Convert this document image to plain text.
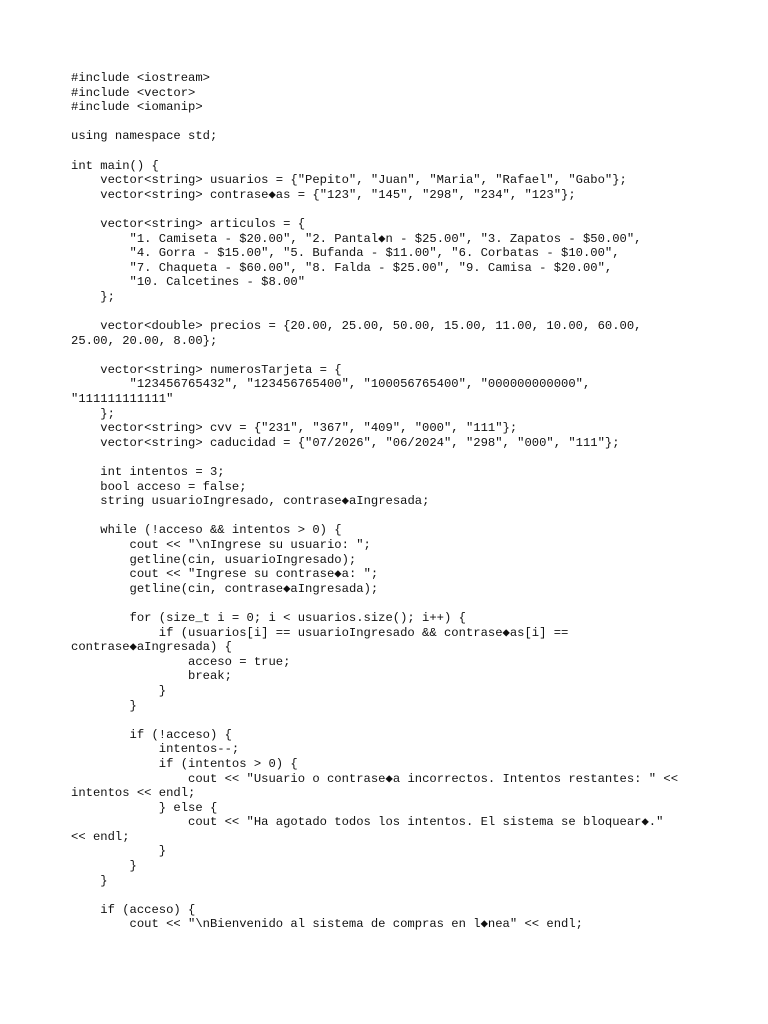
#include <iostream>
#include <vector>
#include <iomanip>
using namespace std;
int main() {
vector<string> usuarios = {"Pepito", "Juan", "Maria", "Rafael", "Gabo"};
vector<string> contrase◆as = {"123", "145", "298", "234", "123"};
vector<string> articulos = {
"1. Camiseta - $20.00", "2. Pantal◆n - $25.00", "3. Zapatos - $50.00",
"4. Gorra - $15.00", "5. Bufanda - $11.00", "6. Corbatas - $10.00",
"7. Chaqueta - $60.00", "8. Falda - $25.00", "9. Camisa - $20.00",
"10. Calcetines - $8.00"
};
vector<double> precios = {20.00, 25.00, 50.00, 15.00, 11.00, 10.00, 60.00,
25.00, 20.00, 8.00};
vector<string> numerosTarjeta = {
"123456765432", "123456765400", "100056765400", "000000000000",
"111111111111"
};
vector<string> cvv = {"231", "367", "409", "000", "111"};
vector<string> caducidad = {"07/2026", "06/2024", "298", "000", "111"};
int intentos = 3;
bool acceso = false;
string usuarioIngresado, contrase◆aIngresada;
while (!acceso && intentos > 0) {
cout << "\nIngrese su usuario: ";
getline(cin, usuarioIngresado);
cout << "Ingrese su contrase◆a: ";
getline(cin, contrase◆aIngresada);
for (size_t i = 0; i < usuarios.size(); i++) {
if (usuarios[i] == usuarioIngresado && contrase◆as[i] ==
contrase◆aIngresada) {
acceso = true;
break;
}
}
if (!acceso) {
intentos--;
if (intentos > 0) {
cout << "Usuario o contrase◆a incorrectos. Intentos restantes: " <<
intentos << endl;
} else {
cout << "Ha agotado todos los intentos. El sistema se bloquear◆."
<< endl;
}
}
}
if (acceso) {
cout << "\nBienvenido al sistema de compras en l◆nea" << endl;
